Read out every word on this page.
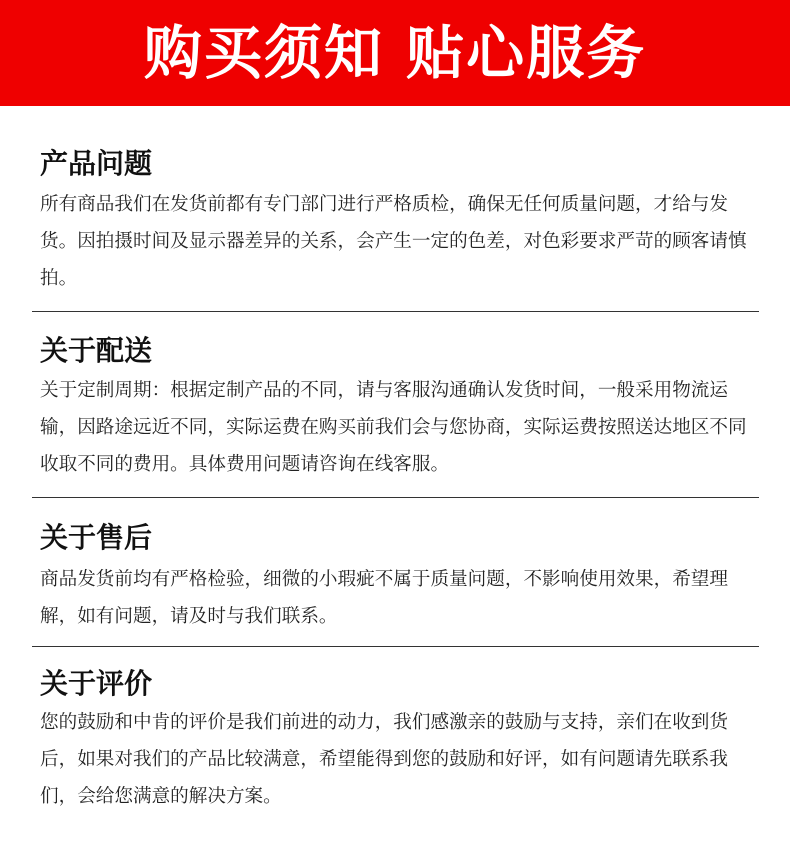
购买须知 贴心服务
产品问题
所有商品我们在发货前都有专门部门进行严格质检，确保无任何质量问题，才给与发货。因拍摄时间及显示器差异的关系，会产生一定的色差，对色彩要求严苛的顾客请慎拍。
关于配送
关于定制周期：根据定制产品的不同，请与客服沟通确认发货时间，一般采用物流运输，因路途远近不同，实际运费在购买前我们会与您协商，实际运费按照送达地区不同收取不同的费用。具体费用问题请咨询在线客服。
关于售后
商品发货前均有严格检验，细微的小瑕疵不属于质量问题，不影响使用效果，希望理解，如有问题，请及时与我们联系。
关于评价
您的鼓励和中肯的评价是我们前进的动力，我们感激亲的鼓励与支持，亲们在收到货后，如果对我们的产品比较满意，希望能得到您的鼓励和好评，如有问题请先联系我们，会给您满意的解决方案。
